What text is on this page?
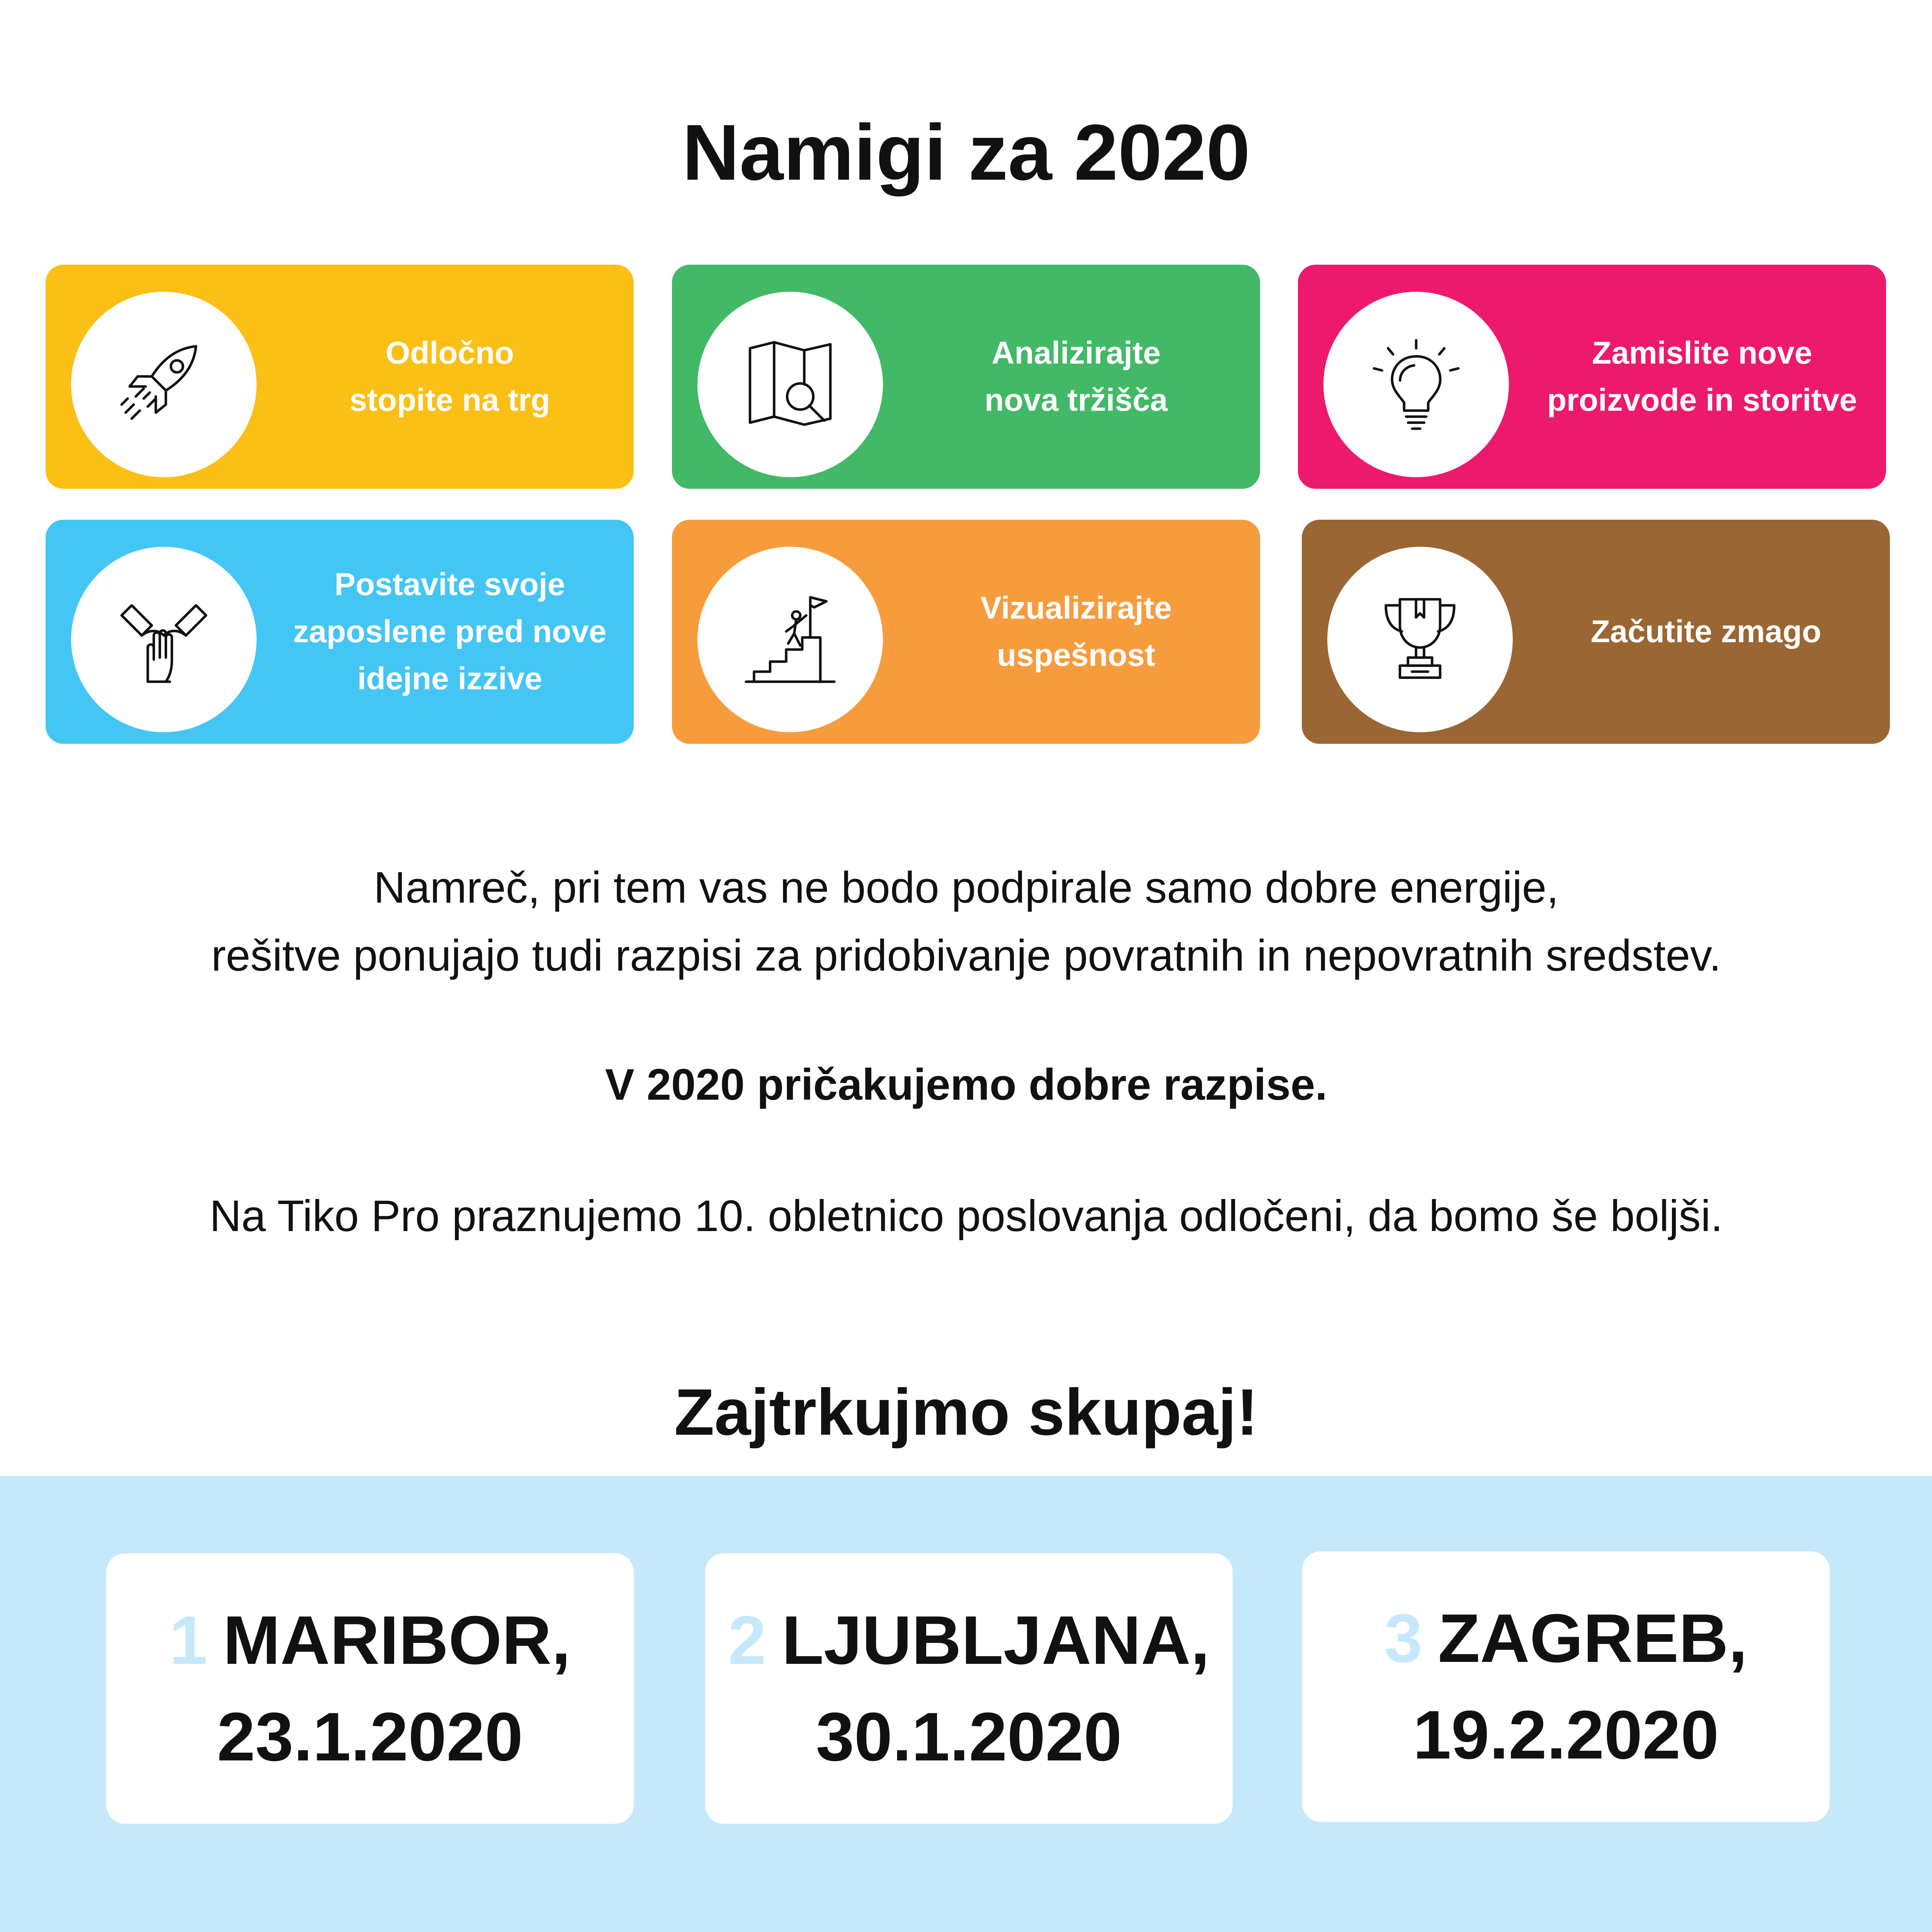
Namigi za 2020
Odločno
stopite na trg
Analizirajte
nova tržišča
Zamislite nove
proizvode in storitve
Postavite svoje
zaposlene pred nove
idejne izzive
Vizualizirajte
uspešnost
Začutite zmago
Namreč, pri tem vas ne bodo podpirale samo dobre energije,
rešitve ponujajo tudi razpisi za pridobivanje povratnih in nepovratnih sredstev.
V 2020 pričakujemo dobre razpise.
Na Tiko Pro praznujemo 10. obletnico poslovanja odločeni, da bomo še boljši.
Zajtrkujmo skupaj!
1 MARIBOR,
23.1.2020
2 LJUBLJANA,
30.1.2020
3 ZAGREB,
19.2.2020
